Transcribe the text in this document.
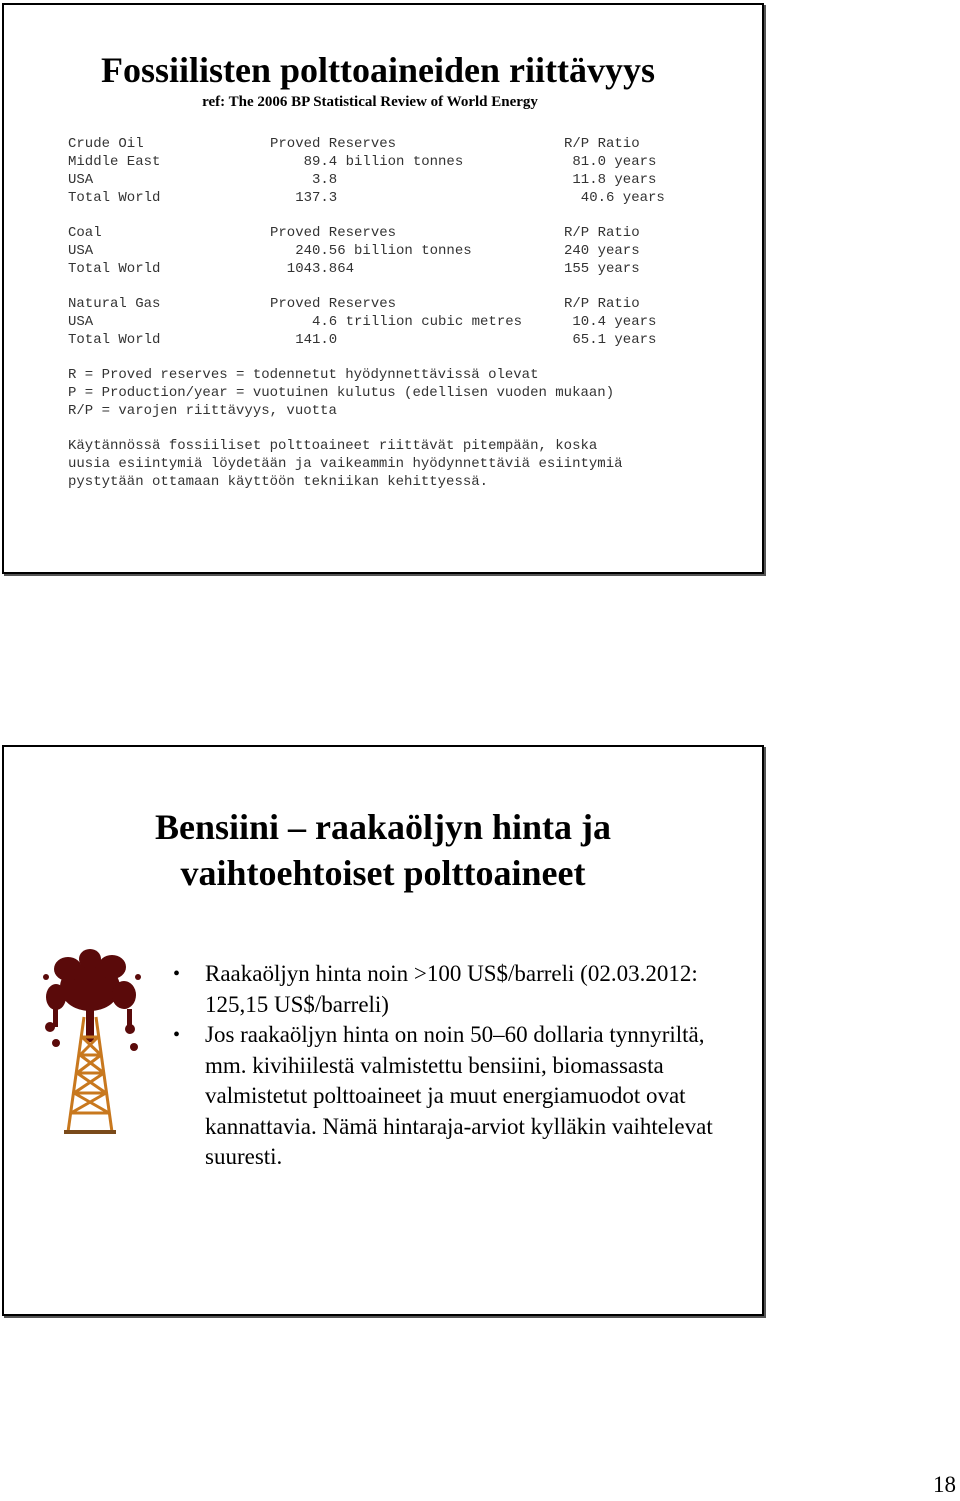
Fossiilisten polttoaineiden riittävyys
ref: The 2006 BP Statistical Review of World Energy
Crude Oil	Proved Reserves	R/P Ratio
Middle East	89.4 billion tonnes	81.0 years
USA	3.8	11.8 years
Total World	137.3	40.6 years
Coal	Proved Reserves	R/P Ratio
USA	240.56 billion tonnes	240 years
Total World	1043.864	155 years
Natural Gas	Proved Reserves	R/P Ratio
USA	4.6 trillion cubic metres	10.4 years
Total World	141.0	65.1 years
R = Proved reserves = todennetut hyödynnettävissä olevat
P = Production/year = vuotuinen kulutus (edellisen vuoden mukaan)
R/P = varojen riittävyys, vuotta
Käytännössä fossiiliset polttoaineet riittävät pitempään, koska
uusia esiintymiä löydetään ja vaikeammin hyödynnettäviä esiintymiä
pystytään ottamaan käyttöön tekniikan kehittyessä.
Bensiini – raakaöljyn hinta ja
vaihtoehtoiset polttoaineet
• Raakaöljyn hinta noin >100 US$/barreli (02.03.2012: 125,15 US$/barreli)
• Jos raakaöljyn hinta on noin 50–60 dollaria tynnyriltä, mm. kivihiilestä valmistettu bensiini, biomassasta valmistetut polttoaineet ja muut energiamuodot ovat kannattavia. Nämä hintaraja-arviot kylläkin vaihtelevat suuresti.
18
